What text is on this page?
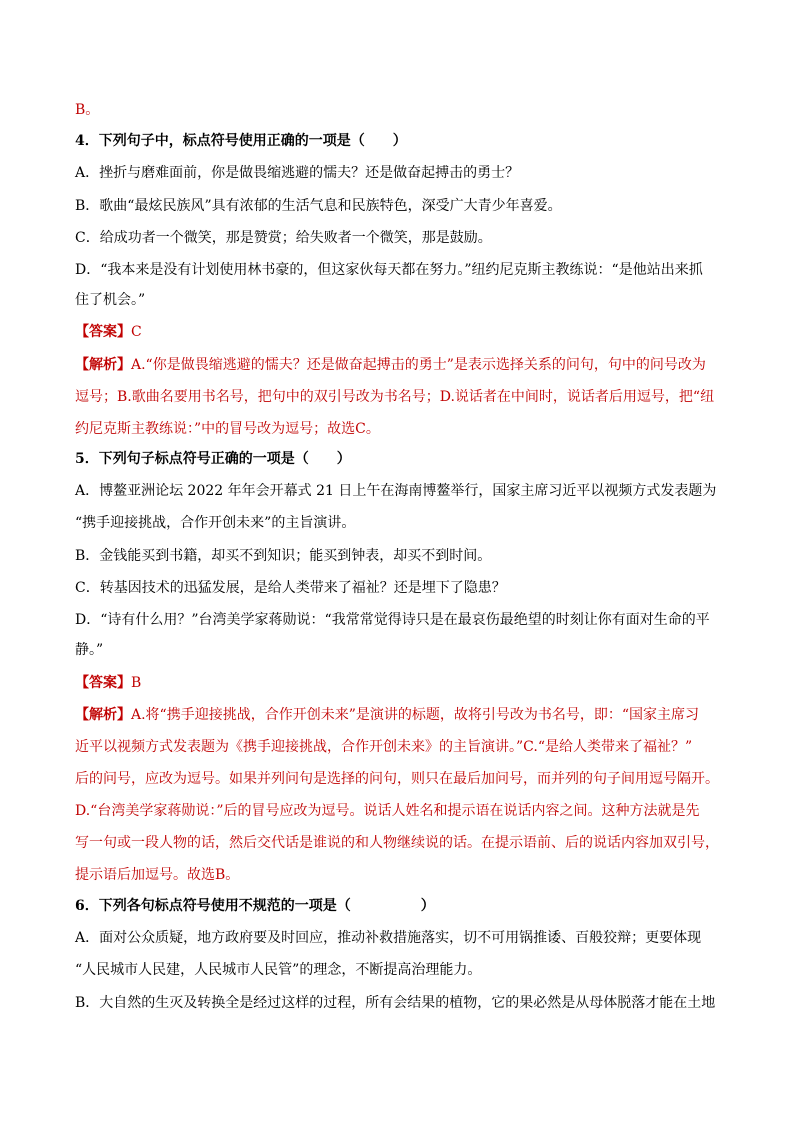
B。
4．下列句子中，标点符号使用正确的一项是（　　）
A．挫折与磨难面前，你是做畏缩逃避的懦夫？还是做奋起搏击的勇士？
B．歌曲“最炫民族风”具有浓郁的生活气息和民族特色，深受广大青少年喜爱。
C．给成功者一个微笑，那是赞赏；给失败者一个微笑，那是鼓励。
D．“我本来是没有计划使用林书豪的，但这家伙每天都在努力。”纽约尼克斯主教练说：“是他站出来抓
住了机会。”
【答案】C
【解析】A.“你是做畏缩逃避的懦夫？还是做奋起搏击的勇士”是表示选择关系的问句，句中的问号改为
逗号；B.歌曲名要用书名号，把句中的双引号改为书名号；D.说话者在中间时，说话者后用逗号，把“纽
约尼克斯主教练说：”中的冒号改为逗号；故选C。
5．下列句子标点符号正确的一项是（　　）
A．博鳌亚洲论坛 2022 年年会开幕式 21 日上午在海南博鳌举行，国家主席习近平以视频方式发表题为
“携手迎接挑战，合作开创未来”的主旨演讲。
B．金钱能买到书籍，却买不到知识；能买到钟表，却买不到时间。
C．转基因技术的迅猛发展，是给人类带来了福祉？还是埋下了隐患？
D．“诗有什么用？”台湾美学家蒋勋说：“我常常觉得诗只是在最哀伤最绝望的时刻让你有面对生命的平
静。”
【答案】B
【解析】A.将“携手迎接挑战，合作开创未来”是演讲的标题，故将引号改为书名号，即：“国家主席习
近平以视频方式发表题为《携手迎接挑战，合作开创未来》的主旨演讲。”C.“是给人类带来了福祉？”
后的问号，应改为逗号。如果并列问句是选择的问句，则只在最后加问号，而并列的句子间用逗号隔开。
D.“台湾美学家蒋勋说：”后的冒号应改为逗号。说话人姓名和提示语在说话内容之间。这种方法就是先
写一句或一段人物的话，然后交代话是谁说的和人物继续说的话。在提示语前、后的说话内容加双引号，
提示语后加逗号。故选B。
6．下列各句标点符号使用不规范的一项是（　　　　　）
A．面对公众质疑，地方政府要及时回应，推动补救措施落实，切不可用锅推诿、百般狡辩；更要体现
“人民城市人民建，人民城市人民管”的理念，不断提高治理能力。
B．大自然的生灭及转换全是经过这样的过程，所有会结果的植物，它的果必然是从母体脱落才能在土地
